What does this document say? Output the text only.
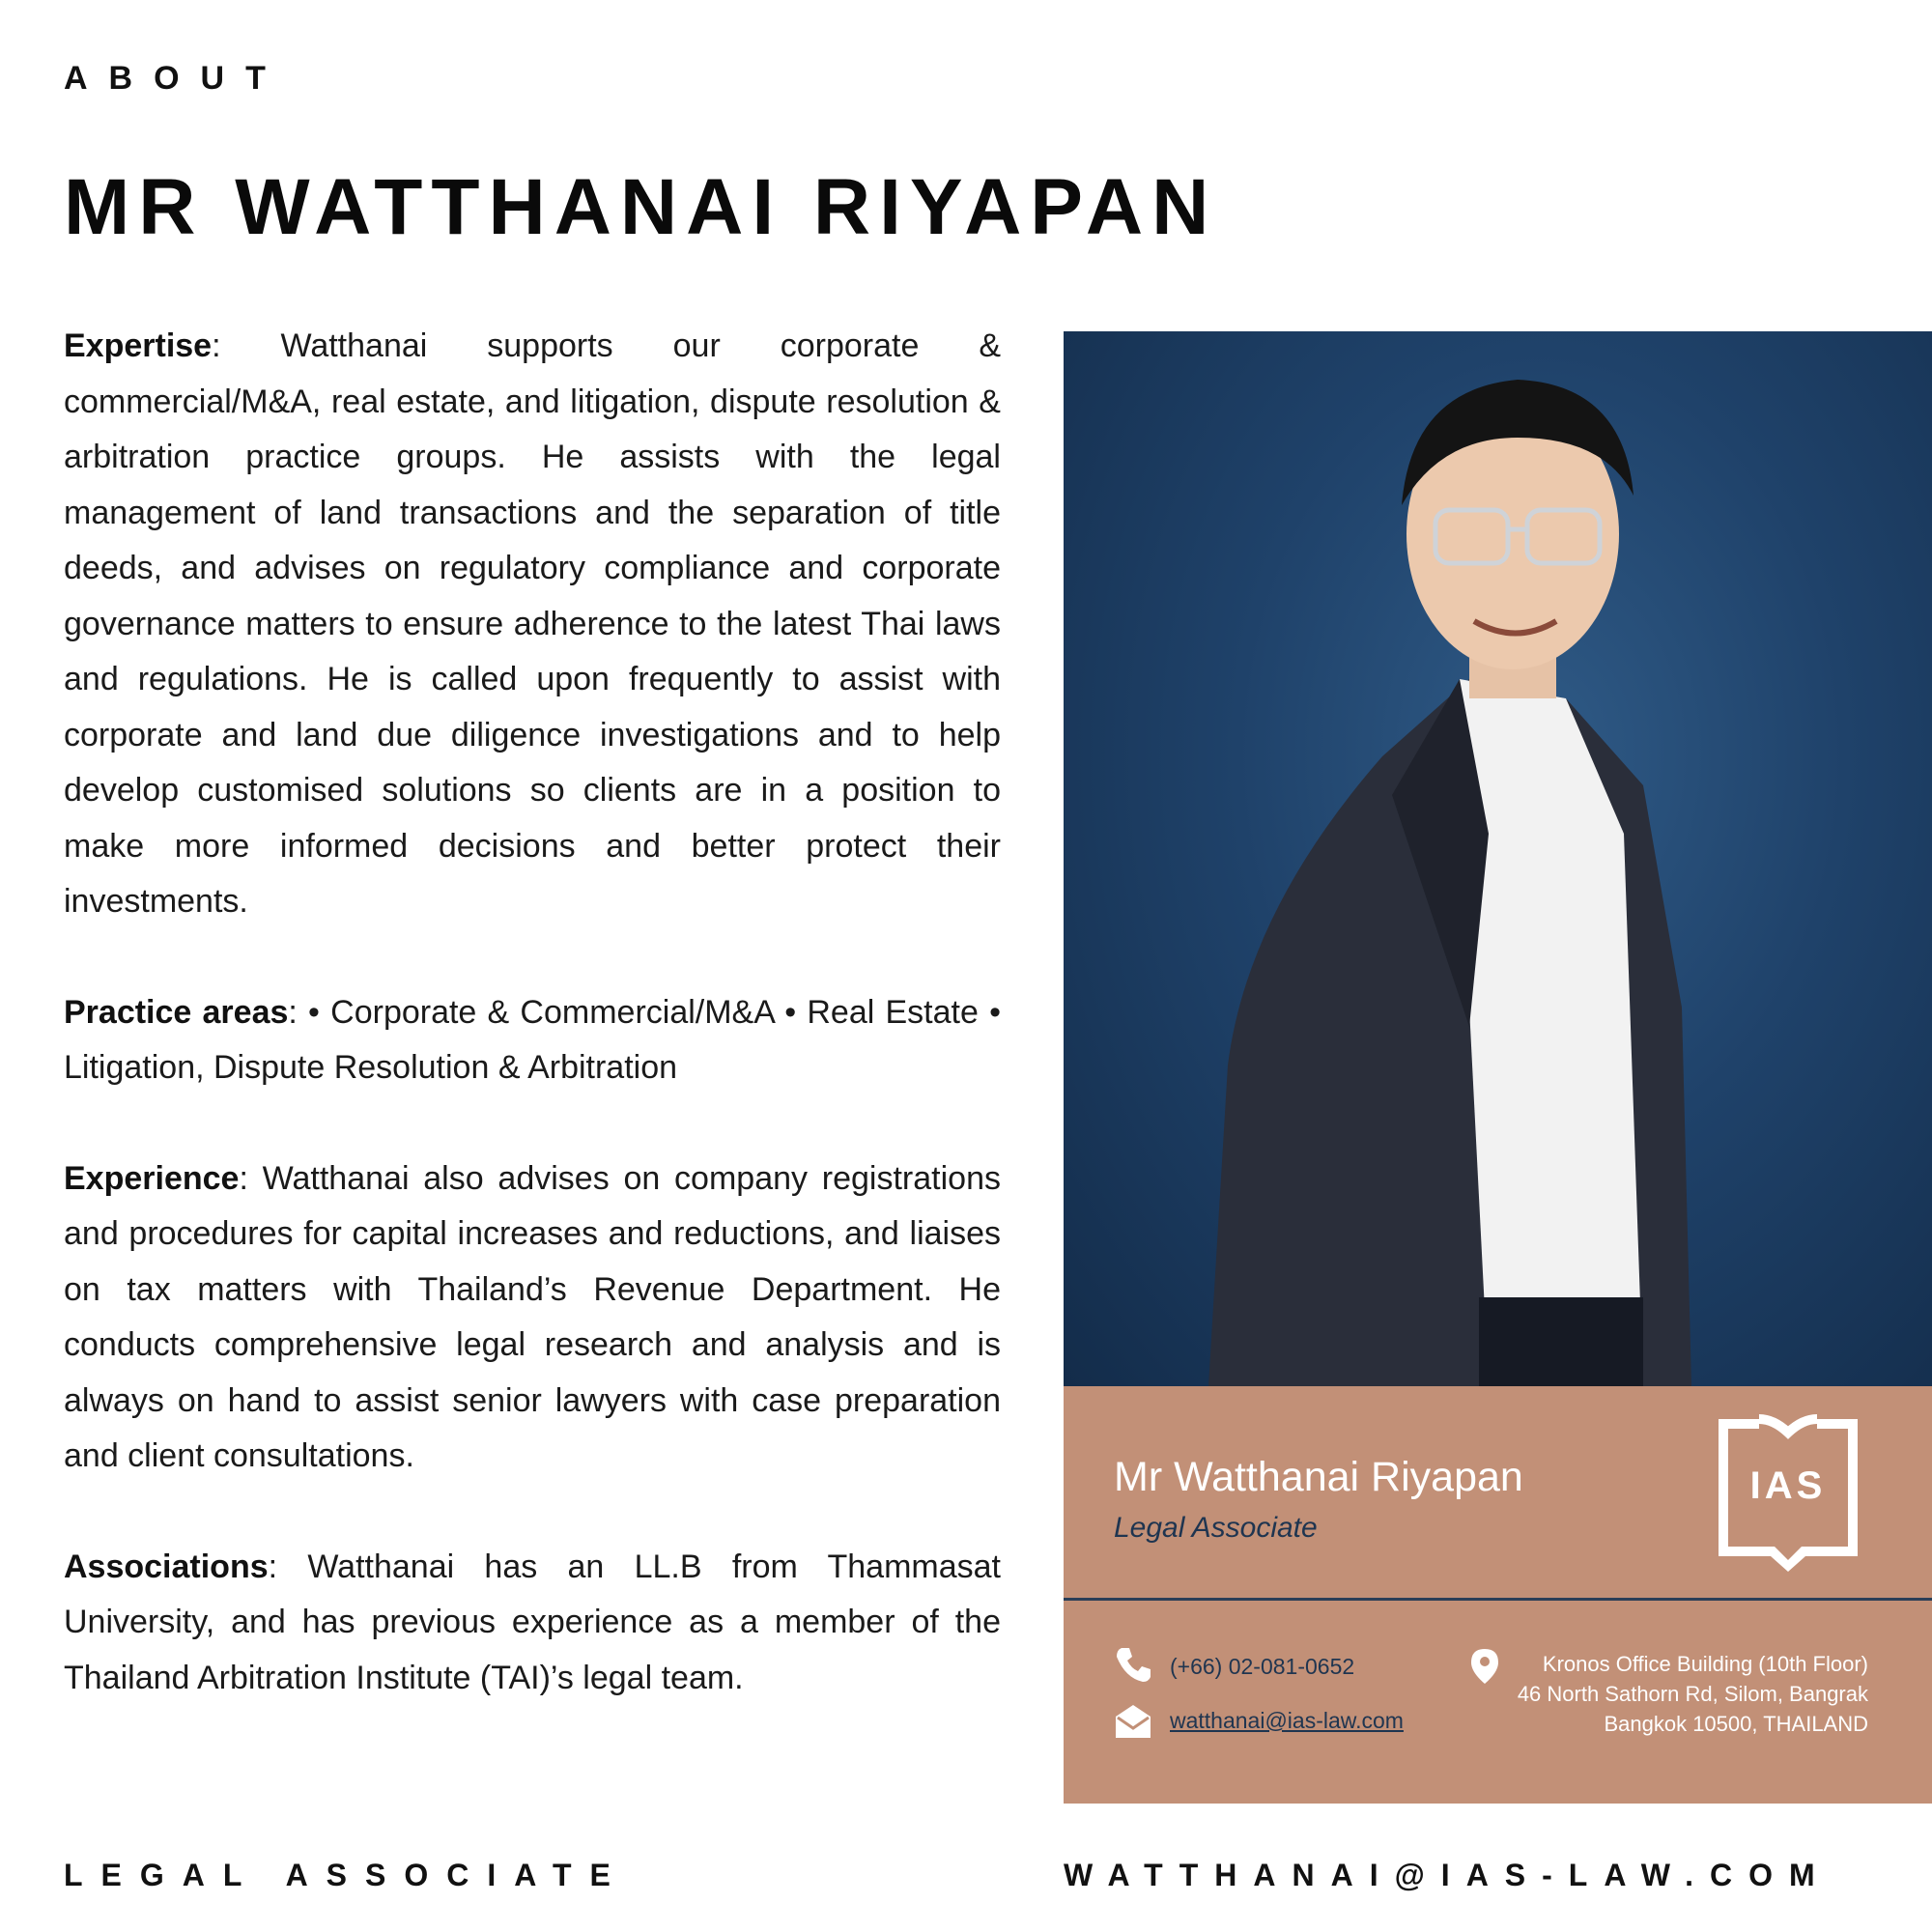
ABOUT
MR WATTHANAI RIYAPAN

Expertise: Watthanai supports our corporate & commercial/M&A, real estate, and litigation, dispute resolution & arbitration practice groups. He assists with the legal management of land transactions and the separation of title deeds, and advises on regulatory compliance and corporate governance matters to ensure adherence to the latest Thai laws and regulations. He is called upon frequently to assist with corporate and land due diligence investigations and to help develop customised solutions so clients are in a position to make more informed decisions and better protect their investments.

Practice areas: • Corporate & Commercial/M&A • Real Estate • Litigation, Dispute Resolution & Arbitration

Experience: Watthanai also advises on company registrations and procedures for capital increases and reductions, and liaises on tax matters with Thailand’s Revenue Department. He conducts comprehensive legal research and analysis and is always on hand to assist senior lawyers with case preparation and client consultations.

Associations: Watthanai has an LL.B from Thammasat University, and has previous experience as a member of the Thailand Arbitration Institute (TAI)’s legal team.

Mr Watthanai Riyapan
Legal Associate
IAS
(+66) 02-081-0652
watthanai@ias-law.com
Kronos Office Building (10th Floor)
46 North Sathorn Rd, Silom, Bangrak
Bangkok 10500, THAILAND
LEGAL ASSOCIATE	WATTHANAI@IAS-LAW.COM
